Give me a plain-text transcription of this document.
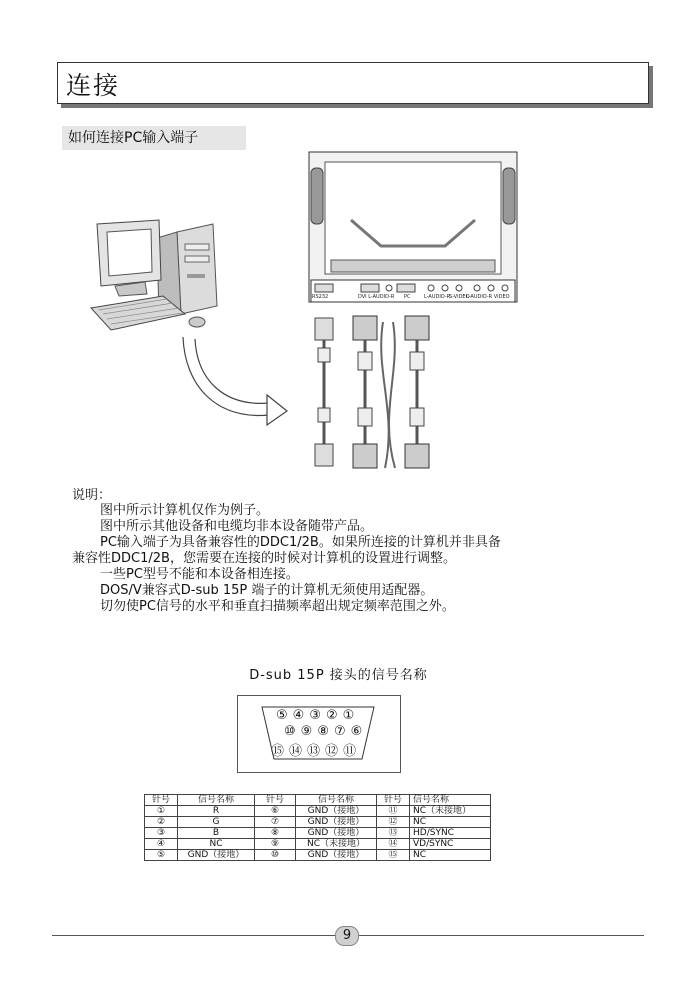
连接
如何连接PC输入端子
RS232	DVI L-AUDIO-R PC	L-AUDIO-R
S-VIDEO
L-AUDIO-R VIDEO
说明：
图中所示计算机仅作为例子。
图中所示其他设备和电缆均非本设备随带产品。
PC输入端子为具备兼容性的DDC1/2B。如果所连接的计算机并非具备
兼容性DDC1/2B，您需要在连接的时候对计算机的设置进行调整。
一些PC型号不能和本设备相连接。
DOS/V兼容式D-sub 15P 端子的计算机无须使用适配器。
切勿使PC信号的水平和垂直扫描频率超出规定频率范围之外。
D-sub 15P 接头的信号名称
⑤④③②①
⑩⑨⑧⑦⑥
⑮⑭⑬⑫⑪
针号	信号名称	针号	信号名称	针号	信号名称
①	R	⑥	GND（接地）	⑪	NC（未接地）
②	G	⑦	GND（接地）	⑫	NC
③	B	⑧	GND（接地）	⑬	HD/SYNC
④	NC	⑨	NC（未接地）	⑭	VD/SYNC
⑤	GND（接地）	⑩	GND（接地）	⑮	NC
9
